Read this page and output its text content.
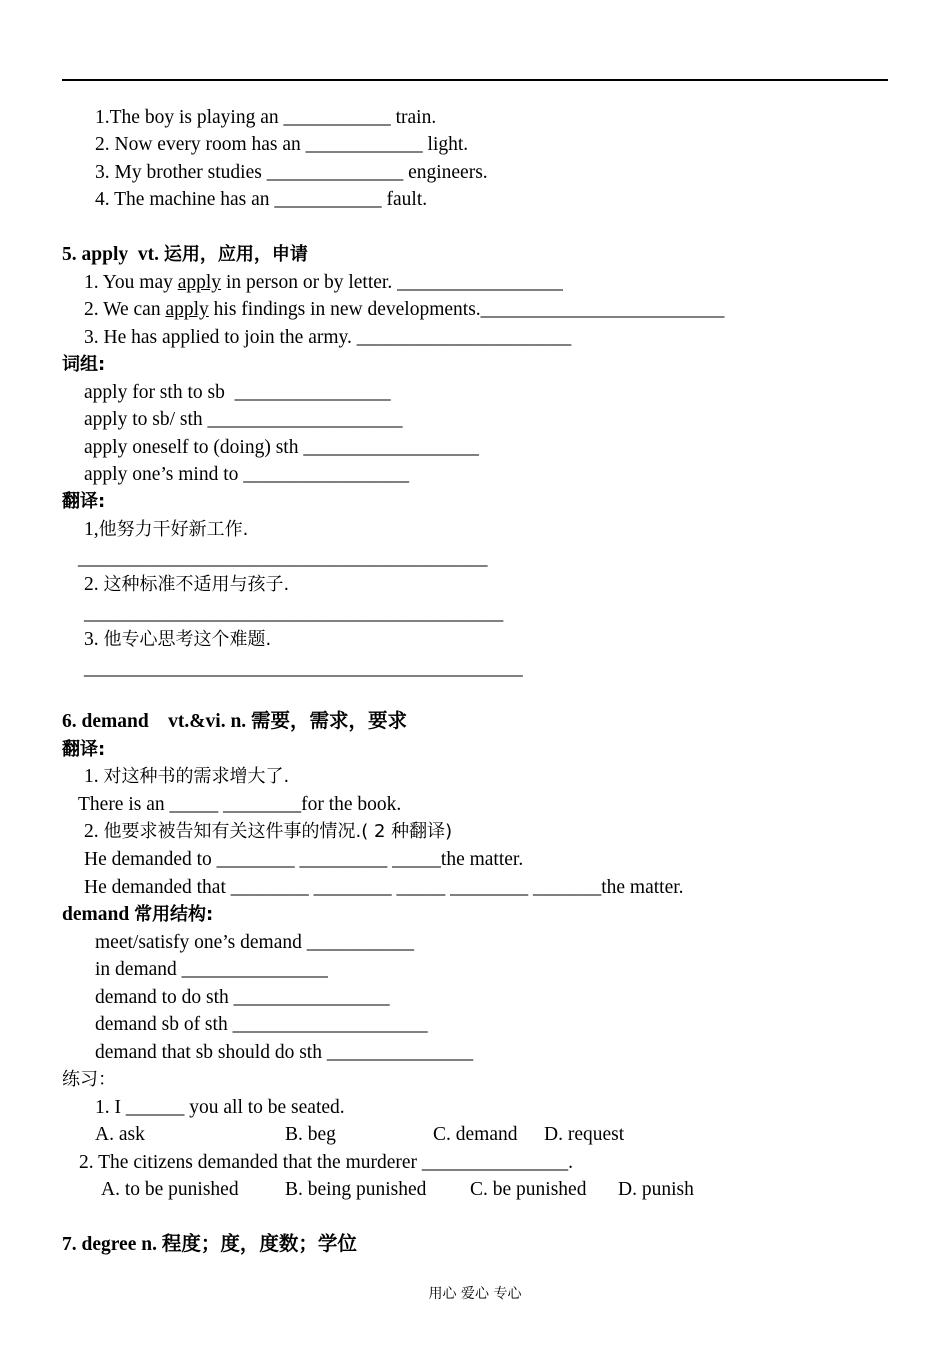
1.The boy is playing an ___________ train.
2. Now every room has an ____________ light.
3. My brother studies ______________ engineers.
4. The machine has an ___________ fault.
5. apply vt. 运用，应用，申请
1. You may apply in person or by letter. _________________
2. We can apply his findings in new developments._________________________
3. He has applied to join the army. ______________________
词组:
apply for sth to sb  ________________
apply to sb/ sth ____________________
apply oneself to (doing) sth __________________
apply one’s mind to _________________
翻译:
1,他努力干好新工作.
__________________________________________
2. 这种标准不适用与孩子.
___________________________________________
3. 他专心思考这个难题.
_____________________________________________
6. demand    vt.&vi. n. 需要，需求，要求
翻译:
1. 对这种书的需求增大了.
There is an _____ ________for the book.
2. 他要求被告知有关这件事的情况.( 2 种翻译)
He demanded to ________ _________ _____the matter.
He demanded that ________ ________ _____ ________ _______the matter.
demand 常用结构:
meet/satisfy one’s demand ___________
in demand _______________
demand to do sth ________________
demand sb of sth ____________________
demand that sb should do sth _______________
练习：
1. I ______ you all to be seated.
A. ask	B. beg	C. demand D. request
2. The citizens demanded that the murderer _______________.
A. to be punished B. being punished C. be punished D. punish
7. degree n. 程度；度，度数；学位
用心 爱心 专心
